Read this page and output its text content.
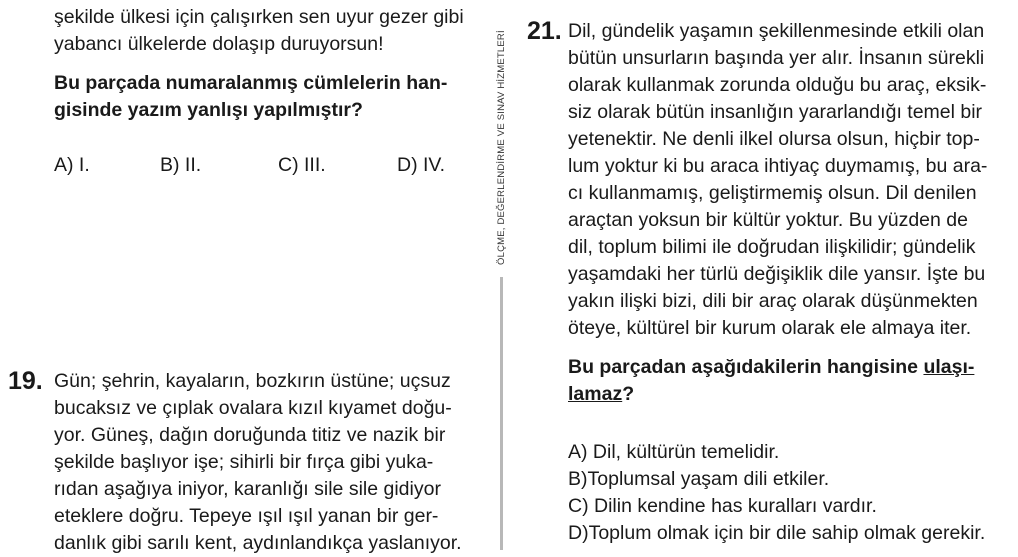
şekilde ülkesi için çalışırken sen uyur gezer gibi
yabancı ülkelerde dolaşıp duruyorsun!
Bu parçada numaralanmış cümlelerin han-
gisinde yazım yanlışı yapılmıştır?
A) I.	B) II.	C) III.	D) IV.
19. Gün; şehrin, kayaların, bozkırın üstüne; uçsuz
bucaksız ve çıplak ovalara kızıl kıyamet doğu-
yor. Güneş, dağın doruğunda titiz ve nazik bir
şekilde başlıyor işe; sihirli bir fırça gibi yuka-
rıdan aşağıya iniyor, karanlığı sile sile gidiyor
eteklere doğru. Tepeye ışıl ışıl yanan bir ger-
danlık gibi sarılı kent, aydınlandıkça yaslanıyor.
ÖLÇME, DEĞERLENDİRME VE SINAV HİZMETLERİ 21. Dil, gündelik yaşamın şekillenmesinde etkili olan
bütün unsurların başında yer alır. İnsanın sürekli
olarak kullanmak zorunda olduğu bu araç, eksik-
siz olarak bütün insanlığın yararlandığı temel bir
yetenektir. Ne denli ilkel olursa olsun, hiçbir top-
lum yoktur ki bu araca ihtiyaç duymamış, bu ara-
cı kullanmamış, geliştirmemiş olsun. Dil denilen
araçtan yoksun bir kültür yoktur. Bu yüzden de
dil, toplum bilimi ile doğrudan ilişkilidir; gündelik
yaşamdaki her türlü değişiklik dile yansır. İşte bu
yakın ilişki bizi, dili bir araç olarak düşünmekten
öteye, kültürel bir kurum olarak ele almaya iter.
Bu parçadan aşağıdakilerin hangisine ulaşı-
lamaz?
A) Dil, kültürün temelidir.
B)Toplumsal yaşam dili etkiler.
C) Dilin kendine has kuralları vardır.
D)Toplum olmak için bir dile sahip olmak gerekir.
